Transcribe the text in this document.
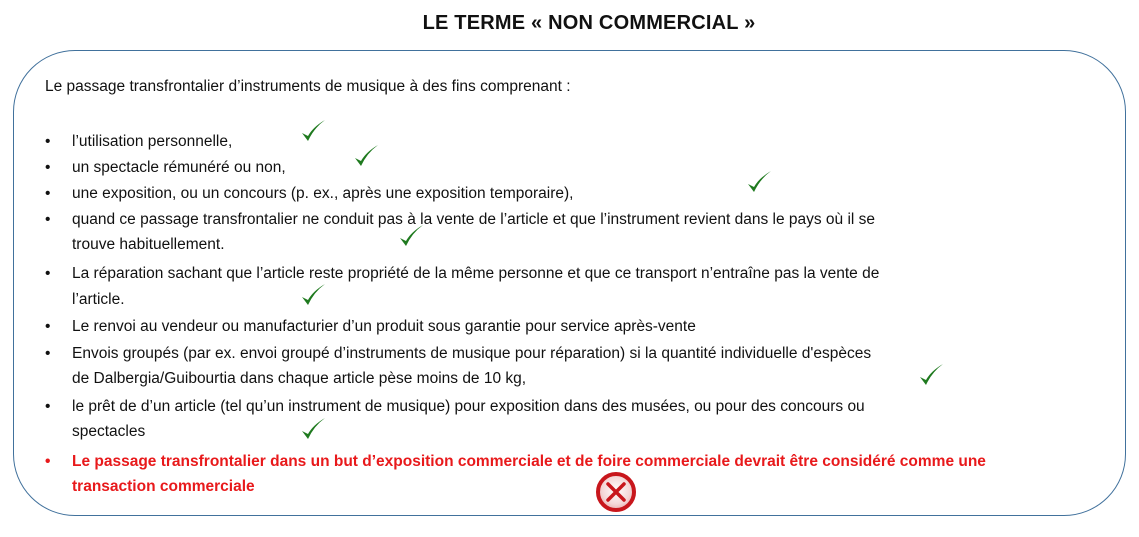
LE TERME « NON COMMERCIAL »
Le passage transfrontalier d’instruments de musique à des fins comprenant :
• l’utilisation personnelle,
• un spectacle rémunéré ou non,
• une exposition, ou un concours (p. ex., après une exposition temporaire),
• quand ce passage transfrontalier ne conduit pas à la vente de l’article et que l’instrument revient dans le pays où il se
trouve habituellement.
• La réparation sachant que l’article reste propriété de la même personne et que ce transport n’entraîne pas la vente de
l’article.
• Le renvoi au vendeur ou manufacturier d’un produit sous garantie pour service après-vente
• Envois groupés (par ex. envoi groupé d’instruments de musique pour réparation) si la quantité individuelle d'espèces
de Dalbergia/Guibourtia dans chaque article pèse moins de 10 kg,
• le prêt de d’un article (tel qu’un instrument de musique) pour exposition dans des musées, ou pour des concours ou
spectacles
• Le passage transfrontalier dans un but d’exposition commerciale et de foire commerciale devrait être considéré comme une
transaction commerciale
